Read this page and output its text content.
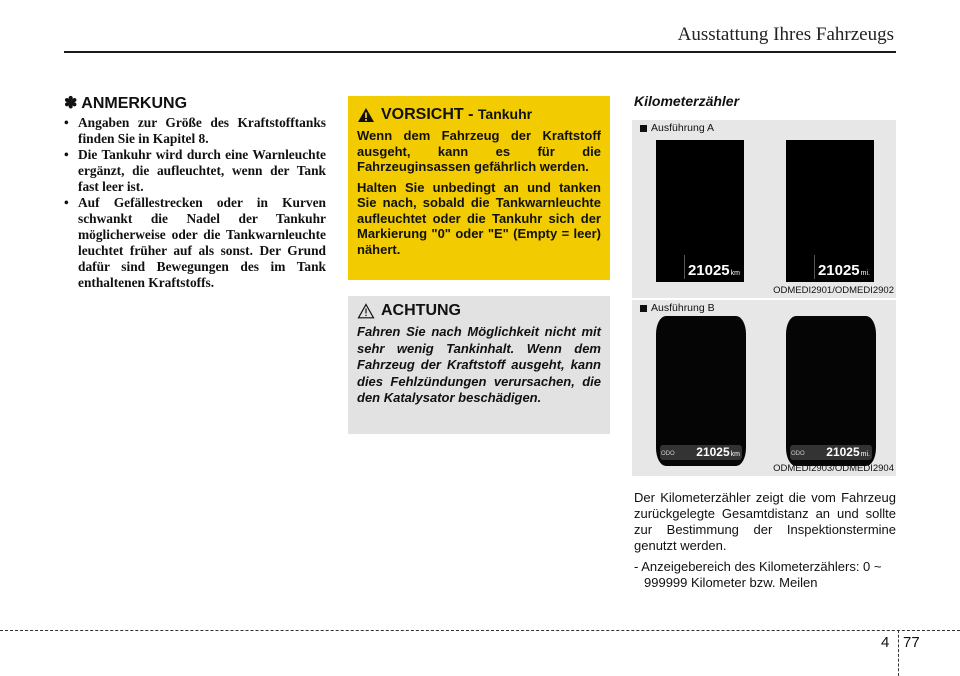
Ausstattung Ihres Fahrzeugs
✽ ANMERKUNG
• Angaben zur Größe des Kraftstofftanks finden Sie in Kapitel 8.
• Die Tankuhr wird durch eine Warnleuchte ergänzt, die aufleuchtet, wenn der Tank fast leer ist.
• Auf Gefällestrecken oder in Kurven schwankt die Nadel der Tankuhr möglicherweise oder die Tankwarnleuchte leuchtet früher auf als sonst. Der Grund dafür sind Bewegungen des im Tank enthaltenen Kraftstoffs.
VORSICHT - Tankuhr

Wenn dem Fahrzeug der Kraftstoff ausgeht, kann es für die Fahrzeuginsassen gefährlich werden.

Halten Sie unbedingt an und tanken Sie nach, sobald die Tankwarnleuchte aufleuchtet oder die Tankuhr sich der Markierung "0" oder "E" (Empty = leer) nähert.

ACHTUNG

Fahren Sie nach Möglichkeit nicht mit sehr wenig Tankinhalt. Wenn dem Fahrzeug der Kraftstoff ausgeht, kann dies Fehlzündungen verursachen, die den Katalysator beschädigen.

Kilometerzähler
Ausführung A
21025km	21025mi.
ODMEDI2901/ODMEDI2902
Ausführung B
ODO 21025km	ODO 21025mi.
ODMEDI2903/ODMEDI2904

Der Kilometerzähler zeigt die vom Fahrzeug zurückgelegte Gesamtdistanz an und sollte zur Bestimmung der Inspektionstermine genutzt werden.

- Anzeigebereich des Kilometerzählers: 0 ~ 999999 Kilometer bzw. Meilen

4 77
